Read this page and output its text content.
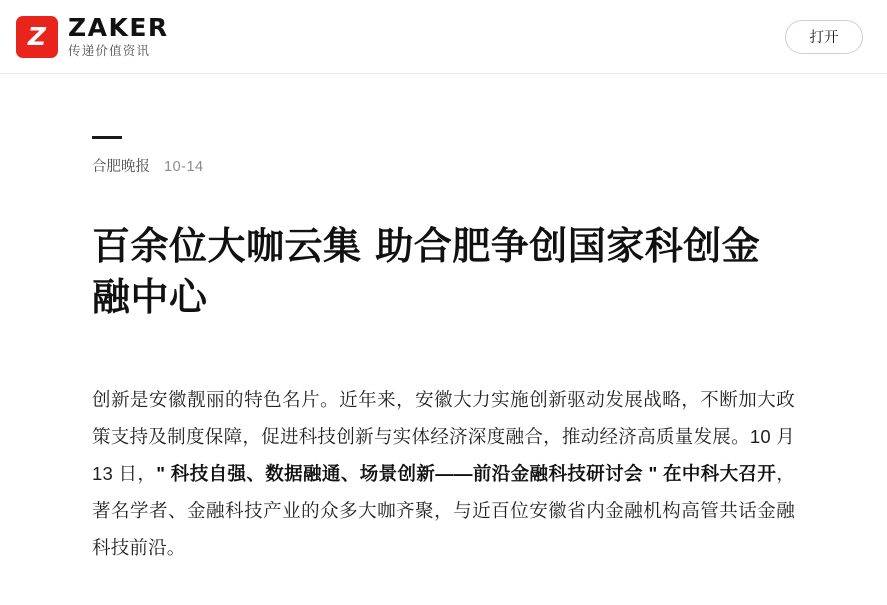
Z ZAKER
传递价值资讯
打开
合肥晚报 10-14
百余位大咖云集 助合肥争创国家科创金融中心

创新是安徽靓丽的特色名片。近年来，安徽大力实施创新驱动发展战略，不断加大政策支持及制度保障，促进科技创新与实体经济深度融合，推动经济高质量发展。10 月 13 日，" 科技自强、数据融通、场景创新——前沿金融科技研讨会 " 在中科大召开，著名学者、金融科技产业的众多大咖齐聚，与近百位安徽省内金融机构高管共话金融科技前沿。
